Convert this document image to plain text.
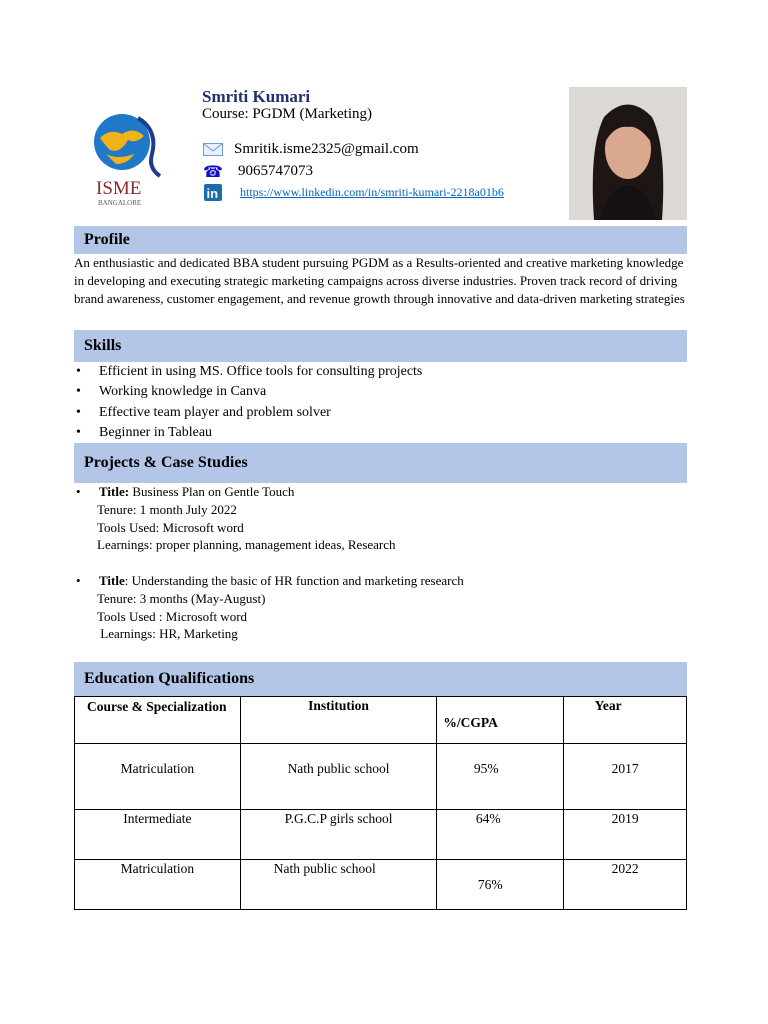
ISME
BANGALORE
Smriti Kumari
Course: PGDM (Marketing)
Smritik.isme2325@gmail.com
☎ 9065747073
in https://www.linkedin.com/in/smriti-kumari-2218a01b6
Profile
An enthusiastic and dedicated BBA student pursuing PGDM as a Results-oriented and creative marketing knowledge in developing and executing strategic marketing campaigns across diverse industries. Proven track record of driving brand awareness, customer engagement, and revenue growth through innovative and data-driven marketing strategies
Skills
• Efficient in using MS. Office tools for consulting projects
• Working knowledge in Canva
• Effective team player and problem solver
• Beginner in Tableau
Projects & Case Studies
• Title: Business Plan on Gentle Touch
Tenure: 1 month July 2022
Tools Used: Microsoft word
Learnings: proper planning, management ideas, Research
• Title: Understanding the basic of HR function and marketing research
Tenure: 3 months (May-August)
Tools Used : Microsoft word
Learnings: HR, Marketing
Education Qualifications
Course & Specialization	Institution	%/CGPA	Year
Matriculation	Nath public school	95%	2017
Intermediate	P.G.C.P girls school	64%	2019
Matriculation	Nath public school	76%	2022
